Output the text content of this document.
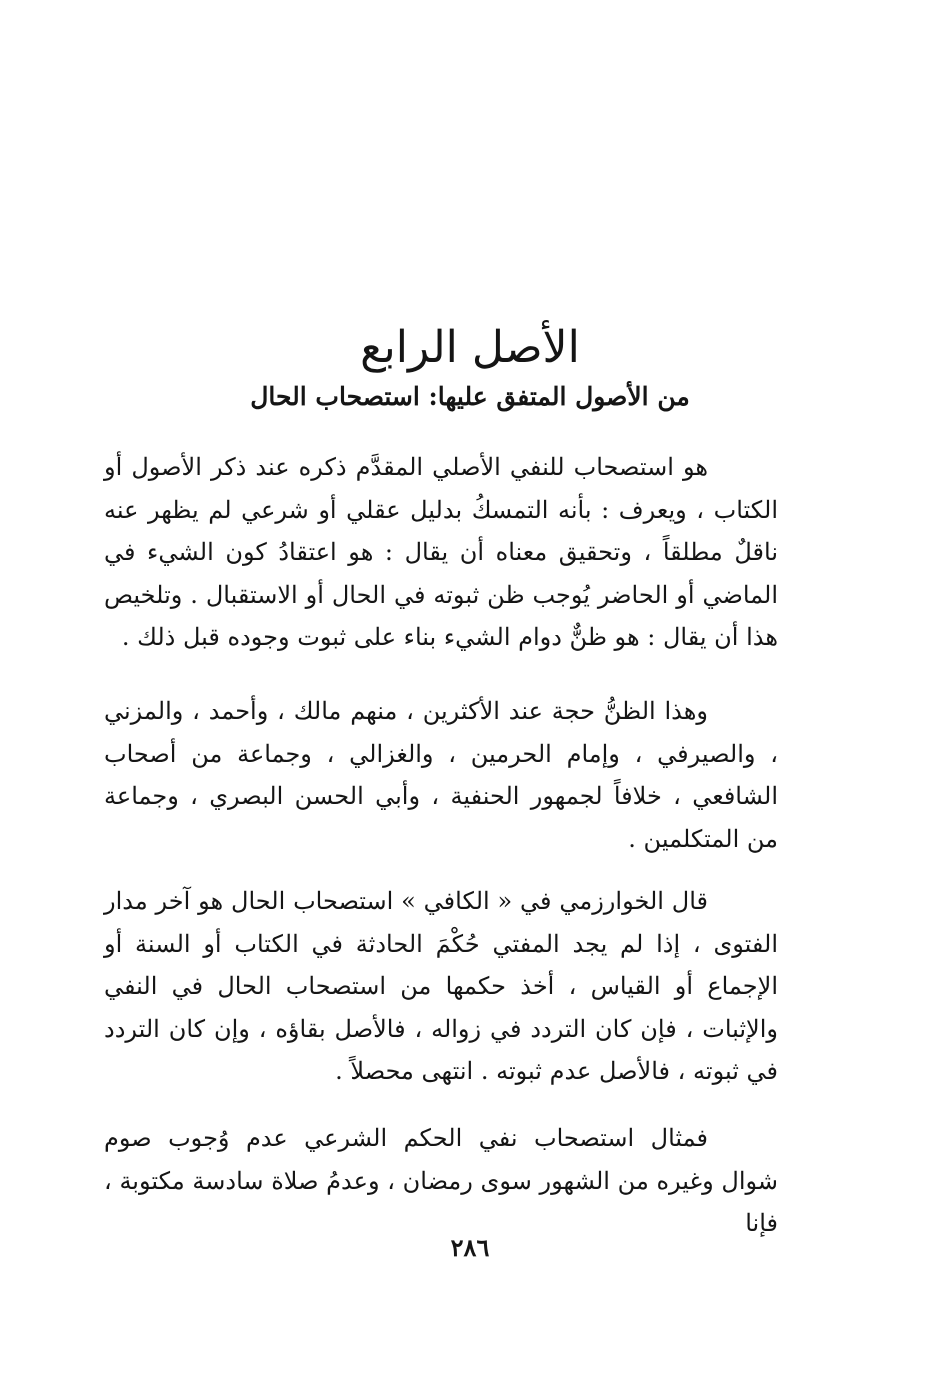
الأصل الرابع
من الأصول المتفق عليها: استصحاب الحال

هو استصحاب للنفي الأصلي المقدَّم ذكره عند ذكر الأصول أو الكتاب ، ويعرف : بأنه التمسكُ بدليل عقلي أو شرعي لم يظهر عنه ناقلٌ مطلقاً ، وتحقيق معناه أن يقال : هو اعتقادُ كون الشيء في الماضي أو الحاضر يُوجب ظن ثبوته في الحال أو الاستقبال . وتلخيص هذا أن يقال : هو ظنٌّ دوام الشيء بناء على ثبوت وجوده قبل ذلك .

وهذا الظنُّ حجة عند الأكثرين ، منهم مالك ، وأحمد ، والمزني ، والصيرفي ، وإمام الحرمين ، والغزالي ، وجماعة من أصحاب الشافعي ، خلافاً لجمهور الحنفية ، وأبي الحسن البصري ، وجماعة من المتكلمين .

قال الخوارزمي في « الكافي » استصحاب الحال هو آخر مدار الفتوى ، إذا لم يجد المفتي حُكْمَ الحادثة في الكتاب أو السنة أو الإجماع أو القياس ، أخذ حكمها من استصحاب الحال في النفي والإثبات ، فإن كان التردد في زواله ، فالأصل بقاؤه ، وإن كان التردد في ثبوته ، فالأصل عدم ثبوته . انتهى محصلاً .

فمثال استصحاب نفي الحكم الشرعي عدم وُجوب صوم شوال وغيره من الشهور سوى رمضان ، وعدمُ صلاة سادسة مكتوبة ، فإنا

٢٨٦
